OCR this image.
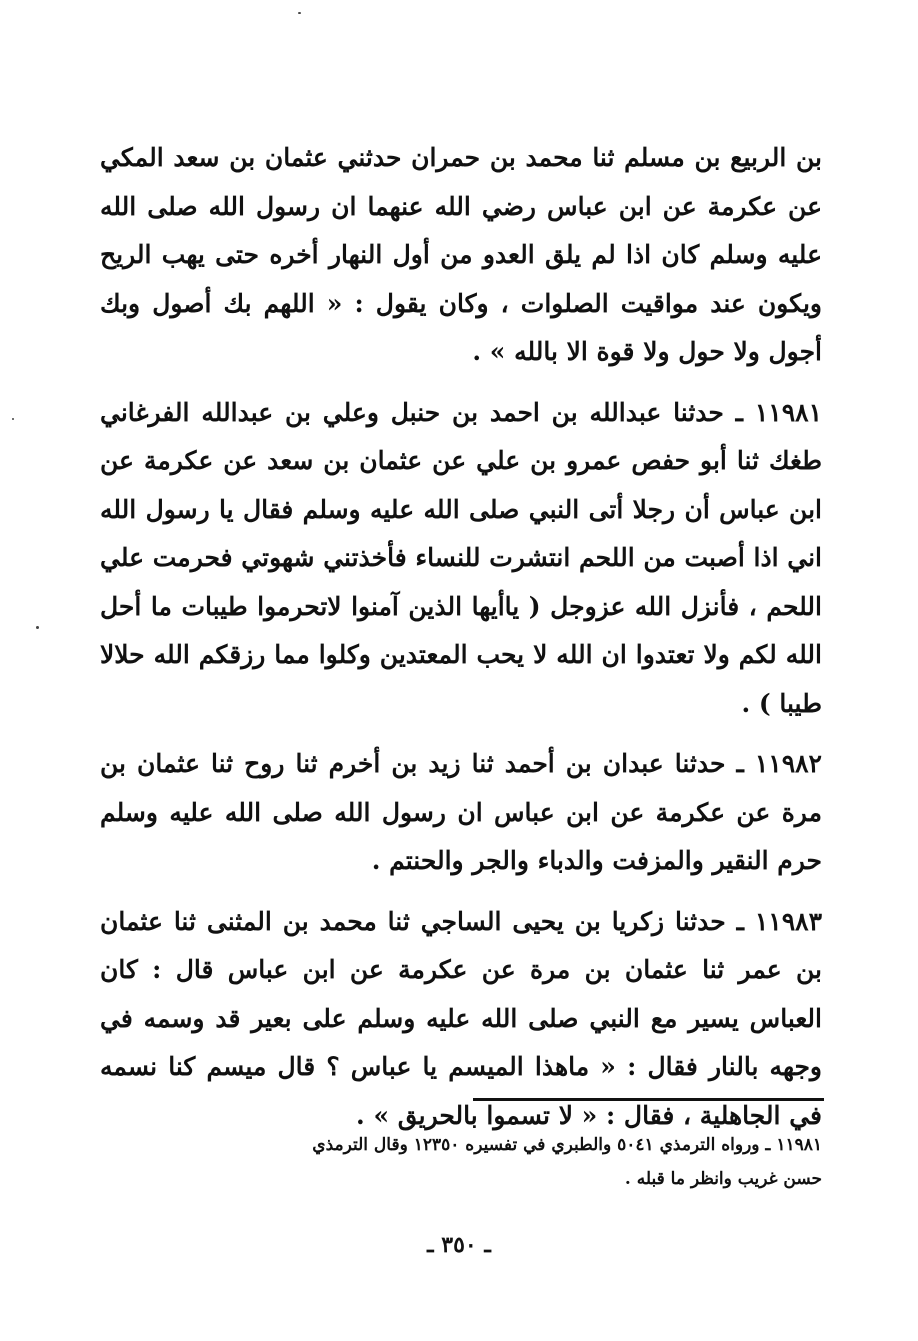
بن الربيع بن مسلم ثنا محمد بن حمران حدثني عثمان بن سعد المكي عن عكرمة عن ابن عباس رضي الله عنهما ان رسول الله صلى الله عليه وسلم كان اذا لم يلق العدو من أول النهار أخره حتى يهب الريح ويكون عند مواقيت الصلوات ، وكان يقول : « اللهم بك أصول وبك أجول ولا حول ولا قوة الا بالله » .

١١٩٨١ ـ حدثنا عبدالله بن احمد بن حنبل وعلي بن عبدالله الفرغاني طغك ثنا أبو حفص عمرو بن علي عن عثمان بن سعد عن عكرمة عن ابن عباس أن رجلا أتى النبي صلى الله عليه وسلم فقال يا رسول الله اني اذا أصبت من اللحم انتشرت للنساء فأخذتني شهوتي فحرمت علي اللحم ، فأنزل الله عزوجل ( ياأيها الذين آمنوا لاتحرموا طيبات ما أحل الله لكم ولا تعتدوا ان الله لا يحب المعتدين وكلوا مما رزقكم الله حلالا طيبا ) .

١١٩٨٢ ـ حدثنا عبدان بن أحمد ثنا زيد بن أخرم ثنا روح ثنا عثمان بن مرة عن عكرمة عن ابن عباس ان رسول الله صلى الله عليه وسلم حرم النقير والمزفت والدباء والجر والحنتم .

١١٩٨٣ ـ حدثنا زكريا بن يحيى الساجي ثنا محمد بن المثنى ثنا عثمان بن عمر ثنا عثمان بن مرة عن عكرمة عن ابن عباس قال : كان العباس يسير مع النبي صلى الله عليه وسلم على بعير قد وسمه في وجهه بالنار فقال : « ماهذا الميسم يا عباس ؟ قال ميسم كنا نسمه في الجاهلية ، فقال : « لا تسموا بالحريق » .

١١٩٨١ ـ ورواه الترمذي ٥٠٤١ والطبري في تفسيره ١٢٣٥٠ وقال الترمذي

حسن غريب وانظر ما قبله .

ـ ٣٥٠ ـ
